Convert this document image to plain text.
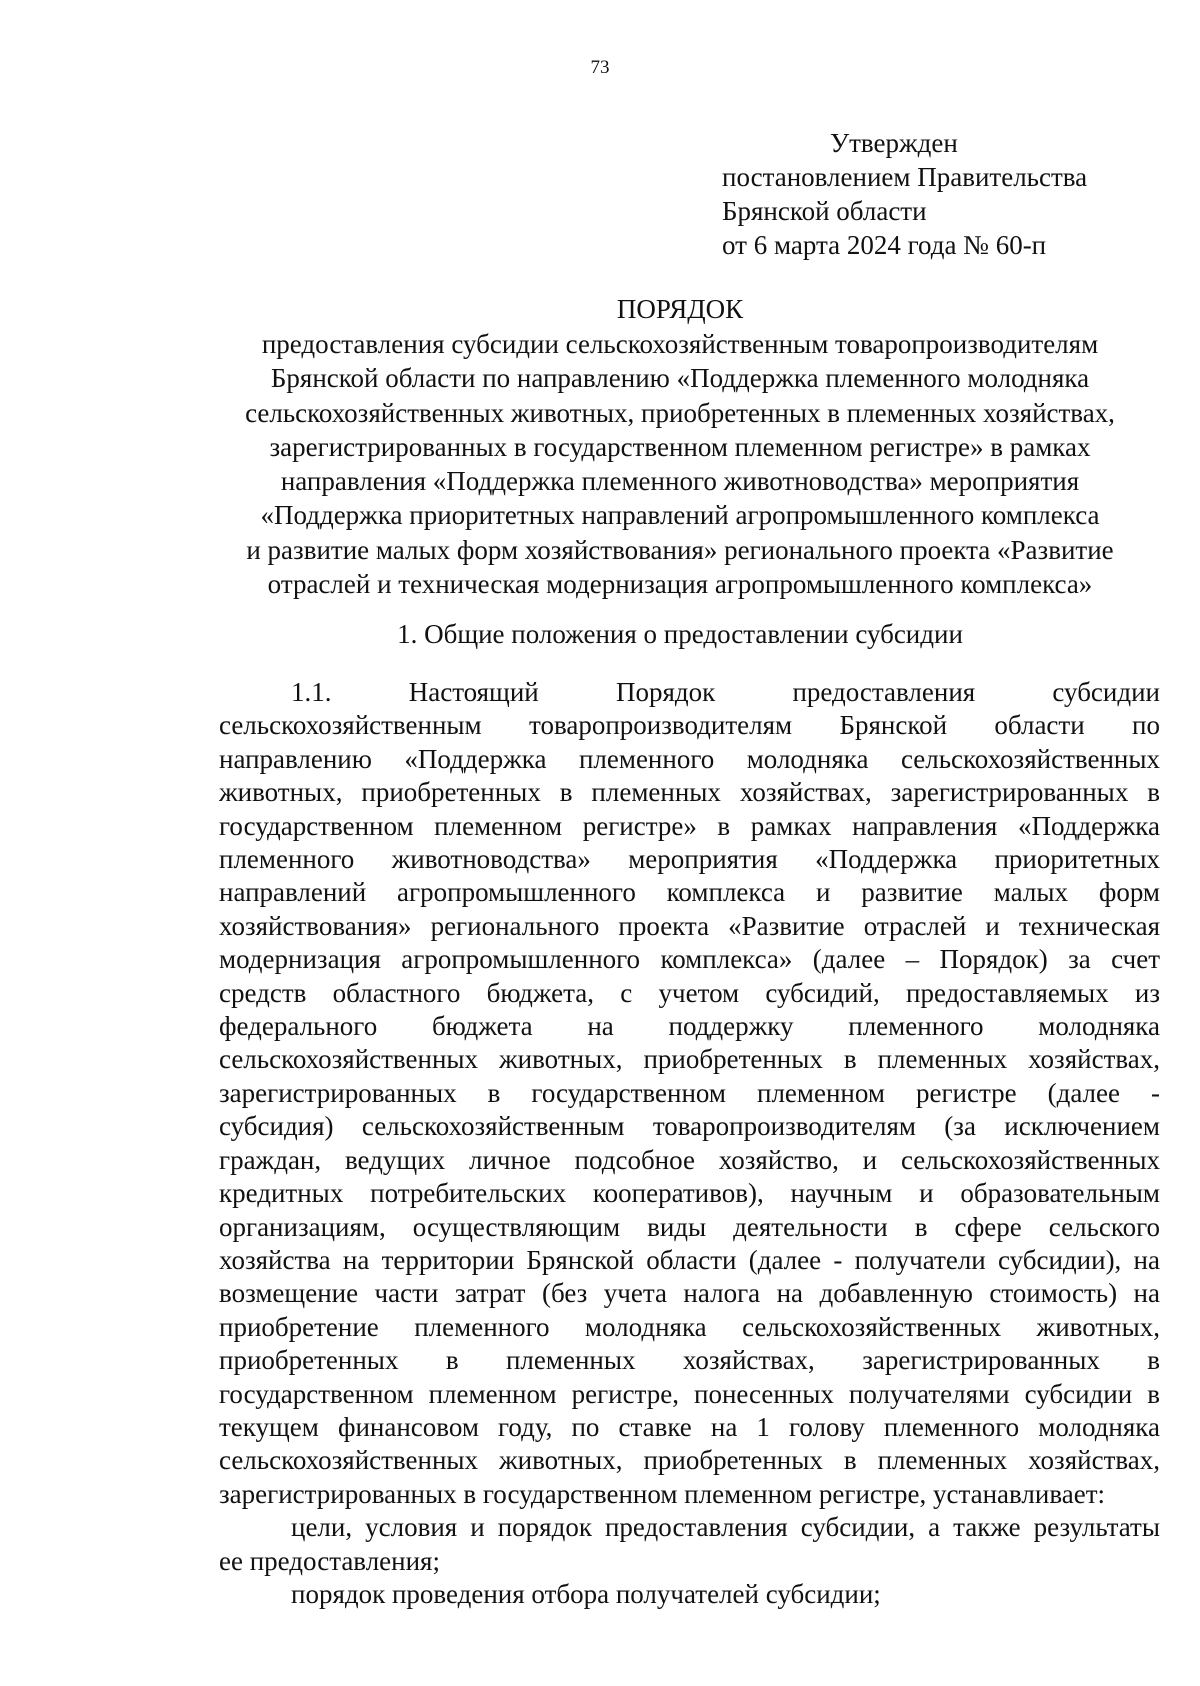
73
Утвержден
постановлением Правительства
Брянской области
от 6 марта 2024 года № 60-п
ПОРЯДОК
предоставления субсидии сельскохозяйственным товаропроизводителям
Брянской области по направлению «Поддержка племенного молодняка
сельскохозяйственных животных, приобретенных в племенных хозяйствах,
зарегистрированных в государственном племенном регистре» в рамках
направления «Поддержка племенного животноводства» мероприятия
«Поддержка приоритетных направлений агропромышленного комплекса
и развитие малых форм хозяйствования» регионального проекта «Развитие
отраслей и техническая модернизация агропромышленного комплекса»
1. Общие положения о предоставлении субсидии
1.1. Настоящий Порядок предоставления субсидии
сельскохозяйственным товаропроизводителям Брянской области по
направлению «Поддержка племенного молодняка сельскохозяйственных
животных, приобретенных в племенных хозяйствах, зарегистрированных в
государственном племенном регистре» в рамках направления «Поддержка
племенного животноводства» мероприятия «Поддержка приоритетных
направлений агропромышленного комплекса и развитие малых форм
хозяйствования» регионального проекта «Развитие отраслей и техническая
модернизация агропромышленного комплекса» (далее – Порядок) за счет
средств областного бюджета, с учетом субсидий, предоставляемых из
федерального бюджета на поддержку племенного молодняка
сельскохозяйственных животных, приобретенных в племенных хозяйствах,
зарегистрированных в государственном племенном регистре (далее -
субсидия) сельскохозяйственным товаропроизводителям (за исключением
граждан, ведущих личное подсобное хозяйство, и сельскохозяйственных
кредитных потребительских кооперативов), научным и образовательным
организациям, осуществляющим виды деятельности в сфере сельского
хозяйства на территории Брянской области (далее - получатели субсидии), на
возмещение части затрат (без учета налога на добавленную стоимость) на
приобретение племенного молодняка сельскохозяйственных животных,
приобретенных в племенных хозяйствах, зарегистрированных в
государственном племенном регистре, понесенных получателями субсидии в
текущем финансовом году, по ставке на 1 голову племенного молодняка
сельскохозяйственных животных, приобретенных в племенных хозяйствах,
зарегистрированных в государственном племенном регистре, устанавливает:
цели, условия и порядок предоставления субсидии, а также результаты
ее предоставления;
порядок проведения отбора получателей субсидии;
